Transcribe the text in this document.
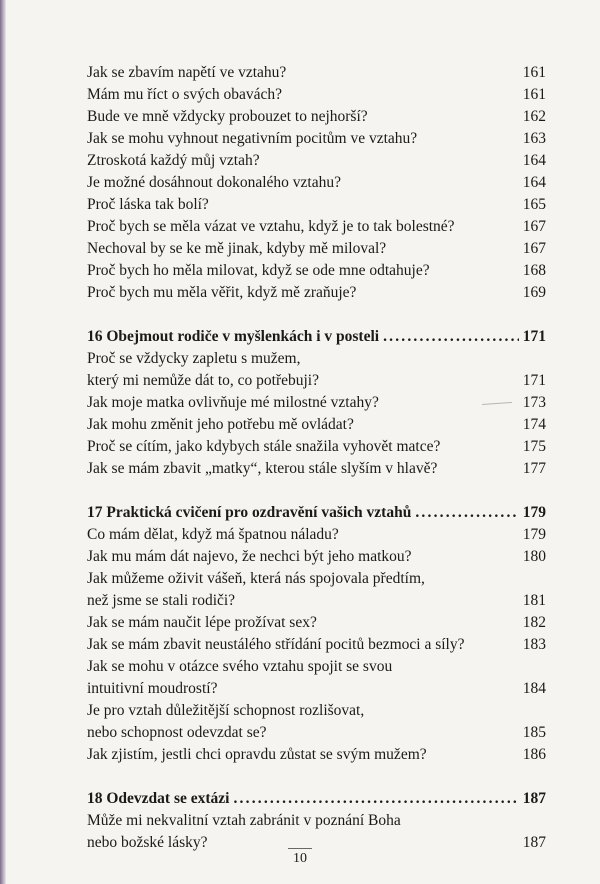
Jak se zbavím napětí ve vztahu?	161
Mám mu říct o svých obavách?	161
Bude ve mně vždycky probouzet to nejhorší?	162
Jak se mohu vyhnout negativním pocitům ve vztahu?	163
Ztroskotá každý můj vztah?	164
Je možné dosáhnout dokonalého vztahu?	164
Proč láska tak bolí?	165
Proč bych se měla vázat ve vztahu, když je to tak bolestné?	167
Nechoval by se ke mě jinak, kdyby mě miloval?	167
Proč bych ho měla milovat, když se ode mne odtahuje?	168
Proč bych mu měla věřit, když mě zraňuje?	169
16 Obejmout rodiče v myšlenkách i v posteli .....	171
Proč se vždycky zapletu s mužem,
který mi nemůže dát to, co potřebuji?	171
Jak moje matka ovlivňuje mé milostné vztahy?	173
Jak mohu změnit jeho potřebu mě ovládat?	174
Proč se cítím, jako kdybych stále snažila vyhovět matce?	175
Jak se mám zbavit „matky“, kterou stále slyším v hlavě?	177
17 Praktická cvičení pro ozdravění vašich vztahů .....	179
Co mám dělat, když má špatnou náladu?	179
Jak mu mám dát najevo, že nechci být jeho matkou?	180
Jak můžeme oživit vášeň, která nás spojovala předtím,
než jsme se stali rodiči?	181
Jak se mám naučit lépe prožívat sex?	182
Jak se mám zbavit neustálého střídání pocitů bezmoci a síly?	183
Jak se mohu v otázce svého vztahu spojit se svou
intuitivní moudrostí?	184
Je pro vztah důležitější schopnost rozlišovat,
nebo schopnost odevzdat se?	185
Jak zjistím, jestli chci opravdu zůstat se svým mužem?	186
18 Odevzdat se extázi .....	187
Může mi nekvalitní vztah zabránit v poznání Boha
nebo božské lásky?	187
10
